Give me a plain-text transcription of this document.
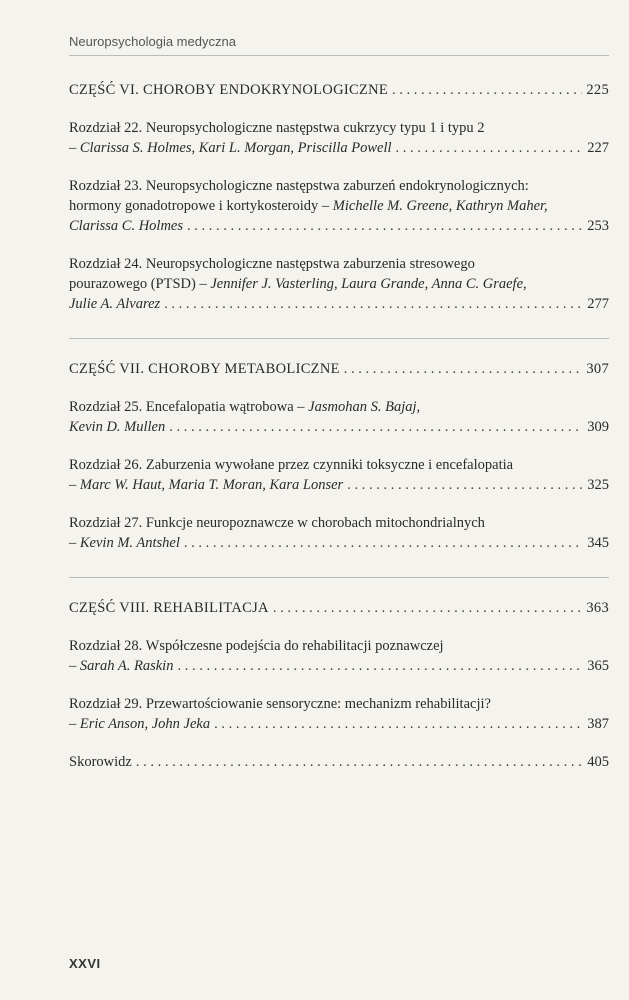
Neuropsychologia medyczna
CZĘŚĆ VI. CHOROBY ENDOKRYNOLOGICZNE . . .	225
Rozdział 22. Neuropsychologiczne następstwa cukrzycy typu 1 i typu 2
– Clarissa S. Holmes, Kari L. Morgan, Priscilla Powell . . .	227
Rozdział 23. Neuropsychologiczne następstwa zaburzeń endokrynologicznych:
hormony gonadotropowe i kortykosteroidy – Michelle M. Greene, Kathryn Maher,
Clarissa C. Holmes . . .	253
Rozdział 24. Neuropsychologiczne następstwa zaburzenia stresowego
pourazowego (PTSD) – Jennifer J. Vasterling, Laura Grande, Anna C. Graefe,
Julie A. Alvarez . . .	277
CZĘŚĆ VII. CHOROBY METABOLICZNE . . .	307
Rozdział 25. Encefalopatia wątrobowa – Jasmohan S. Bajaj,
Kevin D. Mullen . . .	309
Rozdział 26. Zaburzenia wywołane przez czynniki toksyczne i encefalopatia
– Marc W. Haut, Maria T. Moran, Kara Lonser . . .	325
Rozdział 27. Funkcje neuropoznawcze w chorobach mitochondrialnych
– Kevin M. Antshel . . .	345
CZĘŚĆ VIII. REHABILITACJA . . .	363
Rozdział 28. Współczesne podejścia do rehabilitacji poznawczej
– Sarah A. Raskin . . .	365
Rozdział 29. Przewartościowanie sensoryczne: mechanizm rehabilitacji?
– Eric Anson, John Jeka . . .	387
Skorowidz . . .	405
XXVI
